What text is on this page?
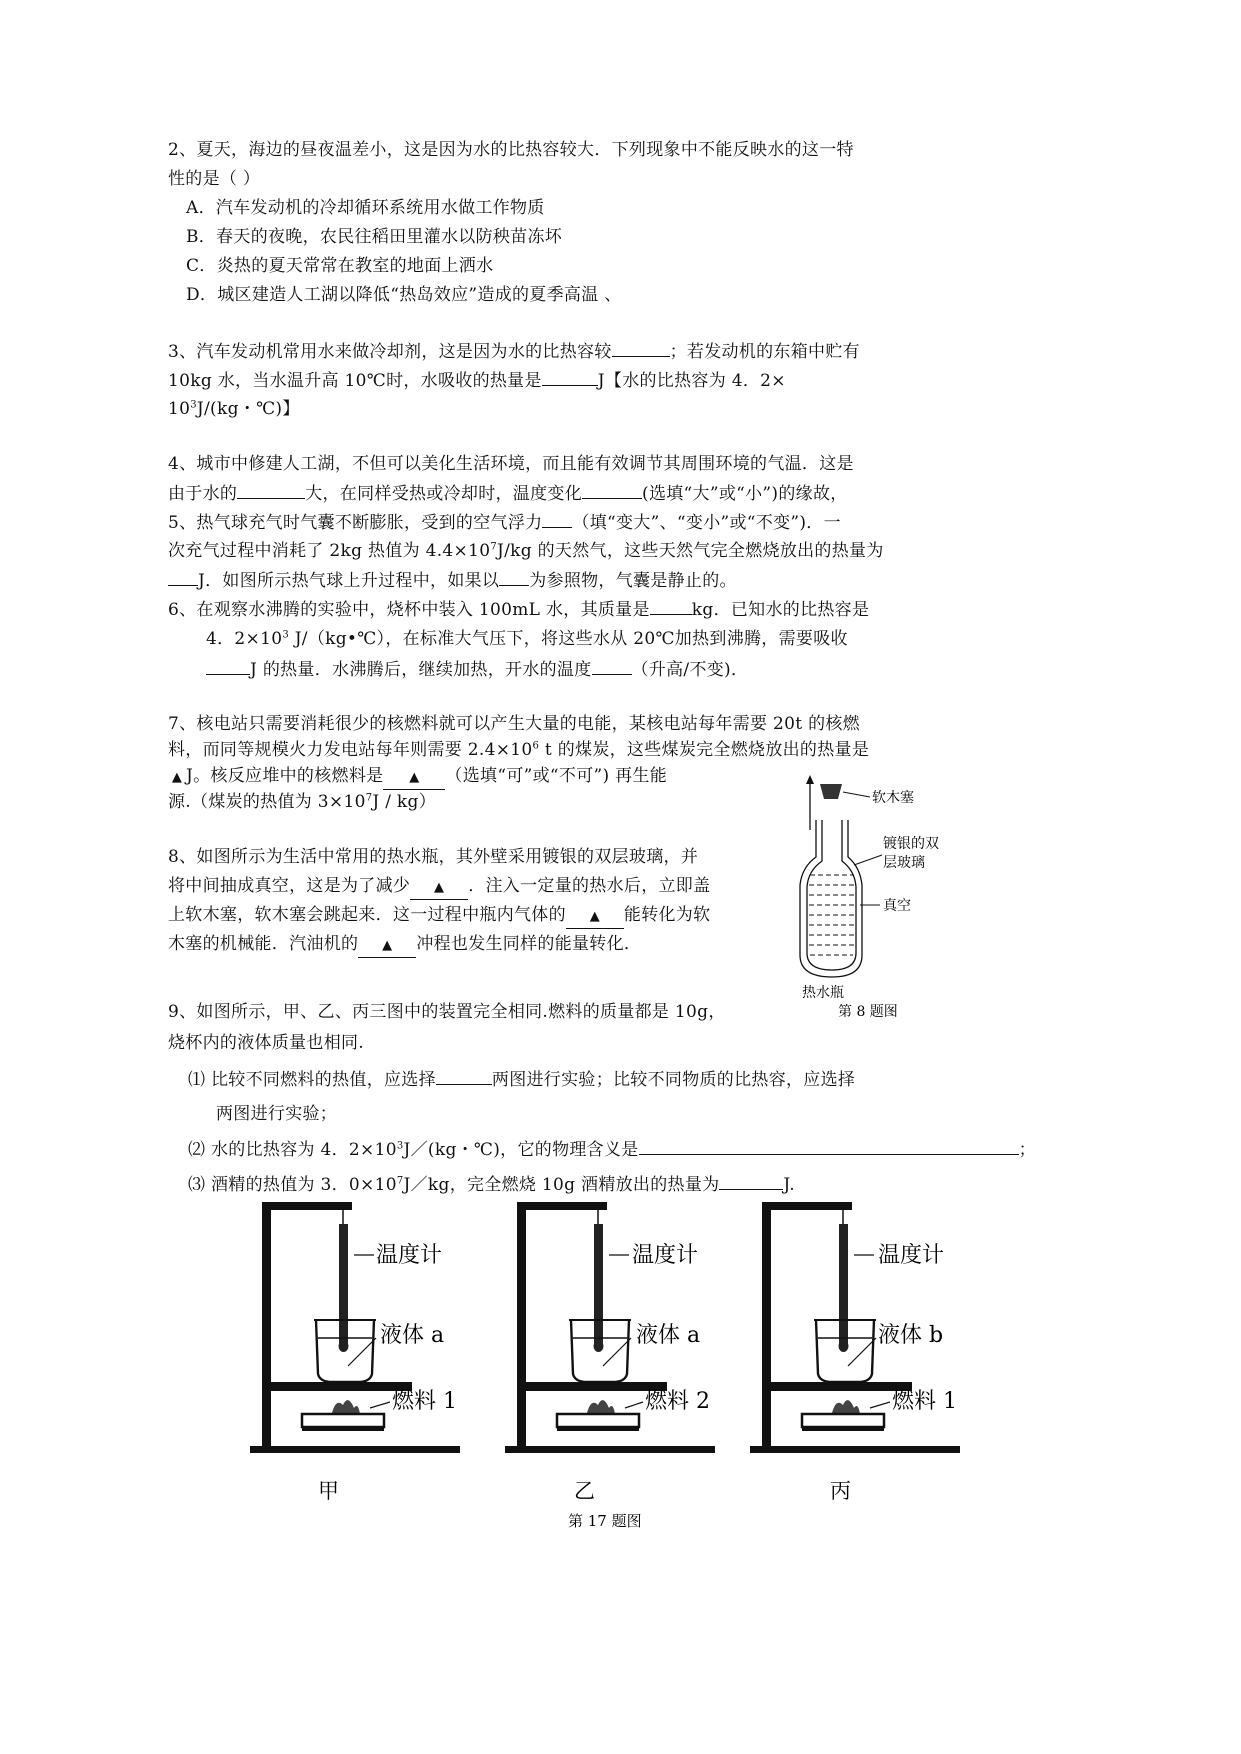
2、夏天，海边的昼夜温差小，这是因为水的比热容较大．下列现象中不能反映水的这一特
性的是（ ）
A．汽车发动机的冷却循环系统用水做工作物质
B．春天的夜晚，农民往稻田里灌水以防秧苗冻坏
C．炎热的夏天常常在教室的地面上洒水
D．城区建造人工湖以降低“热岛效应”造成的夏季高温 、
3、汽车发动机常用水来做冷却剂，这是因为水的比热容较	；若发动机的东箱中贮有
10kg 水，当水温升高 10℃时，水吸收的热量是	J【水的比热容为 4．2×
$10^3J/(kg$・℃)】
4、城市中修建人工湖，不但可以美化生活环境，而且能有效调节其周围环境的气温．这是
由于水的	大，在同样受热或冷却时，温度变化	(选填“大”或“小”)的缘故，
5、热气球充气时气囊不断膨胀，受到的空气浮力 （填“变大”、“变小”或“不变”)．一
次充气过程中消耗了 2kg 热值为 $4.4\times 10^7J/kg$ 的天然气，这些天然气完全燃烧放出的热量为
J．如图所示热气球上升过程中，如果以 为参照物，气囊是静止的。
6、在观察水沸腾的实验中，烧杯中装入 100mL 水，其质量是 kg．已知水的比热容是
4．$2\times 10^3$ J/（kg•℃），在标准大气压下，将这些水从 20℃加热到沸腾，需要吸收
J 的热量．水沸腾后，继续加热，开水的温度 （升高/不变)．
7、核电站只需要消耗很少的核燃料就可以产生大量的电能，某核电站每年需要 20t 的核燃
料，而同等规模火力发电站每年则需要 $2.4\times 10^6$ t 的煤炭，这些煤炭完全燃烧放出的热量是
▲ J。核反应堆中的核燃料是 ▲ （选填“可”或“不可”) 再生能
源.（煤炭的热值为 $3\times 10^7J / kg$）
8、如图所示为生活中常用的热水瓶，其外壁采用镀银的双层玻璃，并
将中间抽成真空，这是为了减少 ▲ ．注入一定量的热水后，立即盖
上软木塞，软木塞会跳起来．这一过程中瓶内气体的 ▲ 能转化为软
木塞的机械能．汽油机的 ▲ 冲程也发生同样的能量转化．
软木塞
镀银的双
层玻璃
真空
热水瓶
第 8 题图
9、如图所示，甲、乙、丙三图中的装置完全相同.燃料的质量都是 10g，
烧杯内的液体质量也相同.
⑴ 比较不同燃料的热值，应选择	两图进行实验；比较不同物质的比热容，应选择
两图进行实验；
⑵ 水的比热容为 4．$2\times 10^3J/(kg$・℃)，它的物理含义是	；
⑶ 酒精的热值为 3．$0\times 10^7J/kg$，完全燃烧 10g 酒精放出的热量为	J.
温度计
液体 a
燃料 1
甲
温度计
液体 a
燃料 2
乙
温度计
液体 b
燃料 1
丙
第 17 题图
